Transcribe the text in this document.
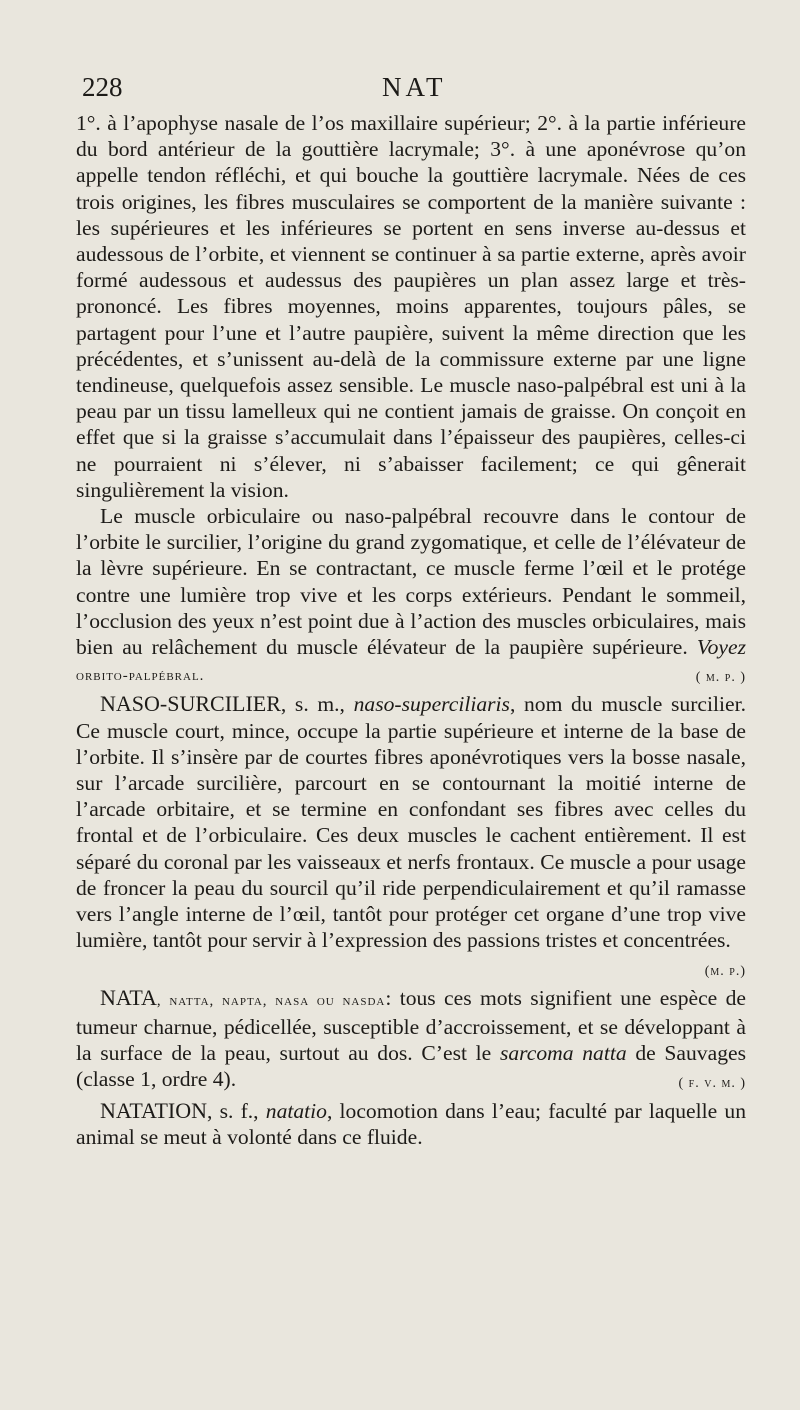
228	NAT

1°. à l’apophyse nasale de l’os maxillaire supérieur; 2°. à la partie inférieure du bord antérieur de la gouttière lacrymale; 3°. à une aponévrose qu’on appelle tendon réfléchi, et qui bouche la gouttière lacrymale. Nées de ces trois origines, les fibres musculaires se comportent de la manière suivante : les supérieures et les inférieures se portent en sens inverse au-dessus et audessous de l’orbite, et viennent se continuer à sa partie externe, après avoir formé audessous et audessus des paupières un plan assez large et très-prononcé. Les fibres moyennes, moins apparentes, toujours pâles, se partagent pour l’une et l’autre paupière, suivent la même direction que les précédentes, et s’unissent au-delà de la commissure externe par une ligne tendineuse, quelquefois assez sensible. Le muscle naso-palpébral est uni à la peau par un tissu lamelleux qui ne contient jamais de graisse. On conçoit en effet que si la graisse s’accumulait dans l’épaisseur des paupières, celles-ci ne pourraient ni s’élever, ni s’abaisser facilement; ce qui gênerait singulièrement la vision.

Le muscle orbiculaire ou naso-palpébral recouvre dans le contour de l’orbite le surcilier, l’origine du grand zygomatique, et celle de l’élévateur de la lèvre supérieure. En se contractant, ce muscle ferme l’œil et le protége contre une lumière trop vive et les corps extérieurs. Pendant le sommeil, l’occlusion des yeux n’est point due à l’action des muscles orbiculaires, mais bien au relâchement du muscle élévateur de la paupière supérieure. Voyez orbito-palpébral.	( m. p. )

NASO-SURCILIER, s. m., naso-superciliaris, nom du muscle surcilier. Ce muscle court, mince, occupe la partie supérieure et interne de la base de l’orbite. Il s’insère par de courtes fibres aponévrotiques vers la bosse nasale, sur l’arcade surcilière, parcourt en se contournant la moitié interne de l’arcade orbitaire, et se termine en confondant ses fibres avec celles du frontal et de l’orbiculaire. Ces deux muscles le cachent entièrement. Il est séparé du coronal par les vaisseaux et nerfs frontaux. Ce muscle a pour usage de froncer la peau du sourcil qu’il ride perpendiculairement et qu’il ramasse vers l’angle interne de l’œil, tantôt pour protéger cet organe d’une trop vive lumière, tantôt pour servir à l’expression des passions tristes et concentrées.
(m. p.)

NATA, natta, napta, nasa ou nasda: tous ces mots signifient une espèce de tumeur charnue, pédicellée, susceptible d’accroissement, et se développant à la surface de la peau, surtout au dos. C’est le sarcoma natta de Sauvages (classe 1, ordre 4).	( f. v. m. )

NATATION, s. f., natatio, locomotion dans l’eau; faculté par laquelle un animal se meut à volonté dans ce fluide.
